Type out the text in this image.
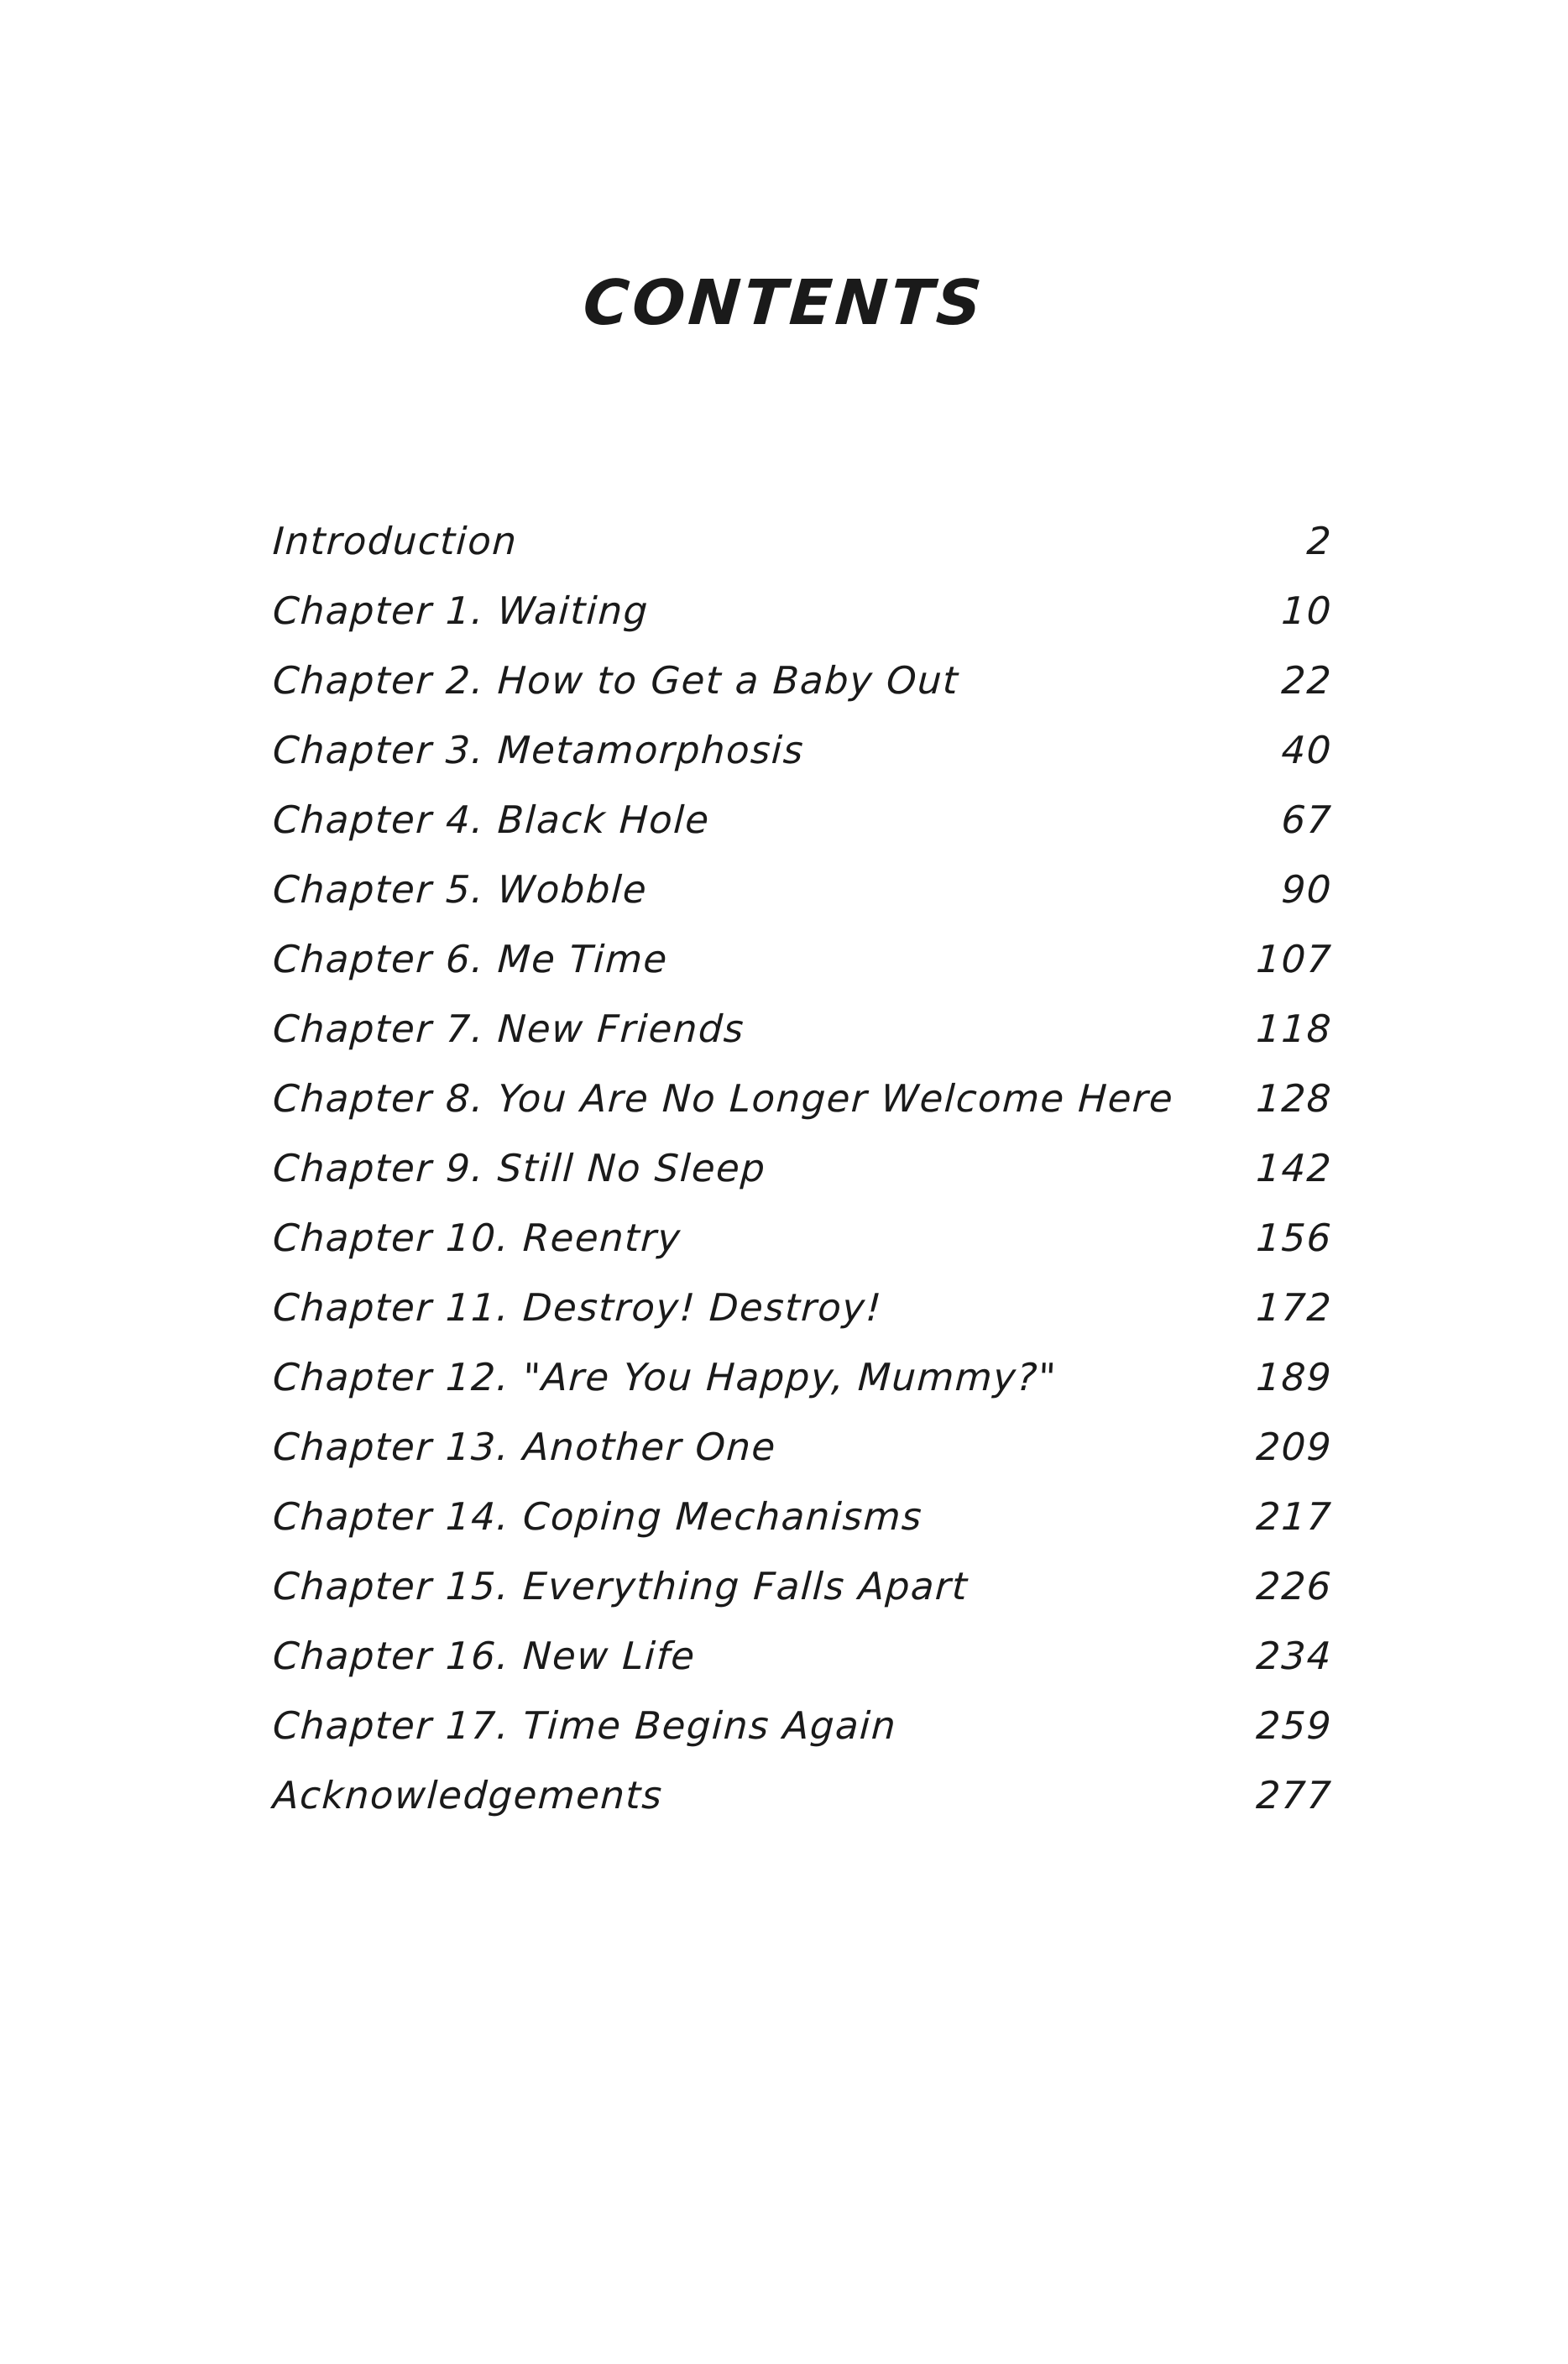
CONTENTS
Introduction	2
Chapter 1. Waiting	10
Chapter 2. How to Get a Baby Out	22
Chapter 3. Metamorphosis	40
Chapter 4. Black Hole	67
Chapter 5. Wobble	90
Chapter 6. Me Time	107
Chapter 7. New Friends	118
Chapter 8. You Are No Longer Welcome Here	128
Chapter 9. Still No Sleep	142
Chapter 10. Reentry	156
Chapter 11. Destroy! Destroy!	172
Chapter 12. "Are You Happy, Mummy?"	189
Chapter 13. Another One	209
Chapter 14. Coping Mechanisms	217
Chapter 15. Everything Falls Apart	226
Chapter 16. New Life	234
Chapter 17. Time Begins Again	259
Acknowledgements	277
